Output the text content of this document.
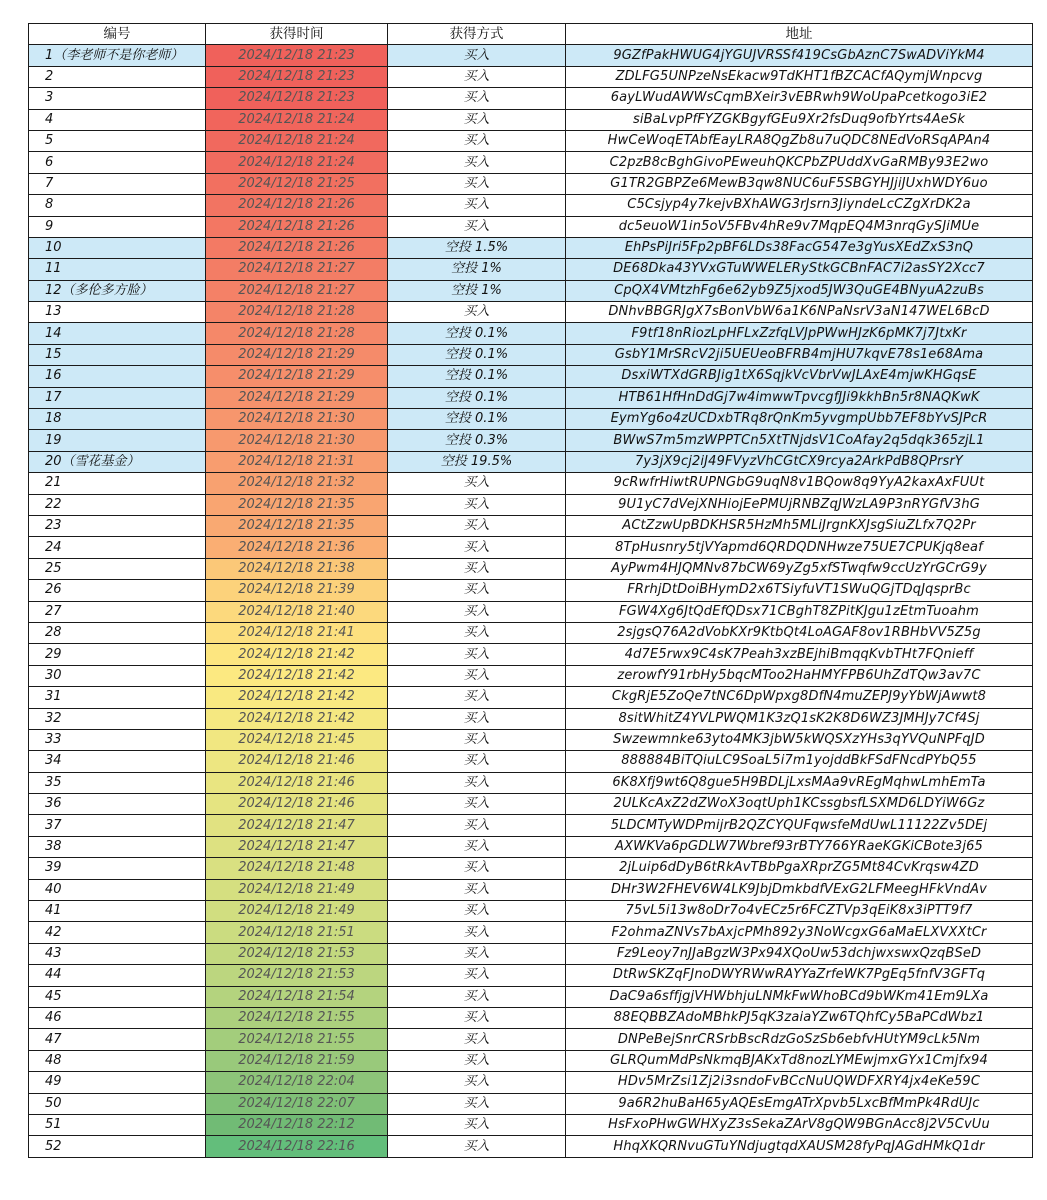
编号	获得时间	获得方式	地址
1（李老师不是你老师）	2024/12/18 21:23	买入	9GZfPakHWUG4jYGUJVRSSf419CsGbAznC7SwADViYkM4
2	2024/12/18 21:23	买入	ZDLFG5UNPzeNsEkacw9TdKHT1fBZCACfAQymjWnpcvg
3	2024/12/18 21:23	买入	6ayLWudAWWsCqmBXeir3vEBRwh9WoUpaPcetkogo3iE2
4	2024/12/18 21:24	买入	siBaLvpPfFYZGKBgyfGEu9Xr2fsDuq9ofbYrts4AeSk
5	2024/12/18 21:24	买入	HwCeWoqETAbfEayLRA8QgZb8u7uQDC8NEdVoRSqAPAn4
6	2024/12/18 21:24	买入	C2pzB8cBghGivoPEweuhQKCPbZPUddXvGaRMBy93E2wo
7	2024/12/18 21:25	买入	G1TR2GBPZe6MewB3qw8NUC6uF5SBGYHJjiJUxhWDY6uo
8	2024/12/18 21:26	买入	C5Csjyp4y7kejvBXhAWG3rJsrn3JiyndeLcCZgXrDK2a
9	2024/12/18 21:26	买入	dc5euoW1in5oV5FBv4hRe9v7MqpEQ4M3nrqGySJiMUe
10	2024/12/18 21:26	空投 1.5%	EhPsPiJri5Fp2pBF6LDs38FacG547e3gYusXEdZxS3nQ
11	2024/12/18 21:27	空投 1%	DE68Dka43YVxGTuWWELERyStkGCBnFAC7i2asSY2Xcc7
12（多伦多方脸）	2024/12/18 21:27	空投 1%	CpQX4VMtzhFg6e62yb9Z5jxod5JW3QuGE4BNyuA2zuBs
13	2024/12/18 21:28	买入	DNhvBBGRJgX7sBonVbW6a1K6NPaNsrV3aN147WEL6BcD
14	2024/12/18 21:28	空投 0.1%	F9tf18nRiozLpHFLxZzfqLVJpPWwHJzK6pMK7j7JtxKr
15	2024/12/18 21:29	空投 0.1%	GsbY1MrSRcV2ji5UEUeoBFRB4mjHU7kqvE78s1e68Ama
16	2024/12/18 21:29	空投 0.1%	DsxiWTXdGRBJig1tX6SqjkVcVbrVwJLAxE4mjwKHGqsE
17	2024/12/18 21:29	空投 0.1%	HTB61HfHnDdGj7w4imwwTpvcgfJJi9kkhBn5r8NAQKwK
18	2024/12/18 21:30	空投 0.1%	EymYg6o4zUCDxbTRq8rQnKm5yvgmpUbb7EF8bYvSJPcR
19	2024/12/18 21:30	空投 0.3%	BWwS7m5mzWPPTCn5XtTNjdsV1CoAfay2q5dqk365zjL1
20（雪花基金）	2024/12/18 21:31	空投 19.5%	7y3jX9cj2iJ49FVyzVhCGtCX9rcya2ArkPdB8QPrsrY
21	2024/12/18 21:32	买入	9cRwfrHiwtRUPNGbG9uqN8v1BQow8q9YyA2kaxAxFUUt
22	2024/12/18 21:35	买入	9U1yC7dVejXNHiojEePMUjRNBZqJWzLA9P3nRYGfV3hG
23	2024/12/18 21:35	买入	ACtZzwUpBDKHSR5HzMh5MLiJrgnKXJsgSiuZLfx7Q2Pr
24	2024/12/18 21:36	买入	8TpHusnry5tjVYapmd6QRDQDNHwze75UE7CPUKjq8eaf
25	2024/12/18 21:38	买入	AyPwm4HJQMNv87bCW69yZg5xfSTwqfw9ccUzYrGCrG9y
26	2024/12/18 21:39	买入	FRrhjDtDoiBHymD2x6TSiyfuVT1SWuQGjTDqJqsprBc
27	2024/12/18 21:40	买入	FGW4Xg6JtQdEfQDsx71CBghT8ZPitKJgu1zEtmTuoahm
28	2024/12/18 21:41	买入	2sjgsQ76A2dVobKXr9KtbQt4LoAGAF8ov1RBHbVV5Z5g
29	2024/12/18 21:42	买入	4d7E5rwx9C4sK7Peah3xzBEjhiBmqqKvbTHt7FQnieff
30	2024/12/18 21:42	买入	zerowfY91rbHy5bqcMToo2HaHMYFPB6UhZdTQw3av7C
31	2024/12/18 21:42	买入	CkgRjE5ZoQe7tNC6DpWpxg8DfN4muZEPJ9yYbWjAwwt8
32	2024/12/18 21:42	买入	8sitWhitZ4YVLPWQM1K3zQ1sK2K8D6WZ3JMHJy7Cf4Sj
33	2024/12/18 21:45	买入	Swzewmnke63yto4MK3jbW5kWQSXzYHs3qYVQuNPFqJD
34	2024/12/18 21:46	买入	888884BiTQiuLC9SoaL5i7m1yojddBkFSdFNcdPYbQ55
35	2024/12/18 21:46	买入	6K8Xfj9wt6Q8gue5H9BDLjLxsMAa9vREgMqhwLmhEmTa
36	2024/12/18 21:46	买入	2ULKcAxZ2dZWoX3oqtUph1KCssgbsfLSXMD6LDYiW6Gz
37	2024/12/18 21:47	买入	5LDCMTyWDPmijrB2QZCYQUFqwsfeMdUwL11122Zv5DEj
38	2024/12/18 21:47	买入	AXWKVa6pGDLW7Wbref93rBTY766YRaeKGKiCBote3j65
39	2024/12/18 21:48	买入	2jLuip6dDyB6tRkAvTBbPgaXRprZG5Mt84CvKrqsw4ZD
40	2024/12/18 21:49	买入	DHr3W2FHEV6W4LK9JbjDmkbdfVExG2LFMeegHFkVndAv
41	2024/12/18 21:49	买入	75vL5i13w8oDr7o4vECz5r6FCZTVp3qEiK8x3iPTT9f7
42	2024/12/18 21:51	买入	F2ohmaZNVs7bAxjcPMh892y3NoWcgxG6aMaELXVXXtCr
43	2024/12/18 21:53	买入	Fz9Leoy7nJJaBgzW3Px94XQoUw53dchjwxswxQzqBSeD
44	2024/12/18 21:53	买入	DtRwSKZqFJnoDWYRWwRAYYaZrfeWK7PgEq5fnfV3GFTq
45	2024/12/18 21:54	买入	DaC9a6sffjgjVHWbhjuLNMkFwWhoBCd9bWKm41Em9LXa
46	2024/12/18 21:55	买入	88EQBBZAdoMBhkPJ5qK3zaiaYZw6TQhfCy5BaPCdWbz1
47	2024/12/18 21:55	买入	DNPeBejSnrCRSrbBscRdzGoSzSb6ebfvHUtYM9cLk5Nm
48	2024/12/18 21:59	买入	GLRQumMdPsNkmqBJAKxTd8nozLYMEwjmxGYx1Cmjfx94
49	2024/12/18 22:04	买入	HDv5MrZsi1Zj2i3sndoFvBCcNuUQWDFXRY4jx4eKe59C
50	2024/12/18 22:07	买入	9a6R2huBaH65yAQEsEmgATrXpvb5LxcBfMmPk4RdUJc
51	2024/12/18 22:12	买入	HsFxoPHwGWHXyZ3sSekaZArV8gQW9BGnAcc8j2V5CvUu
52	2024/12/18 22:16	买入	HhqXKQRNvuGTuYNdjugtqdXAUSM28fyPqJAGdHMkQ1dr
